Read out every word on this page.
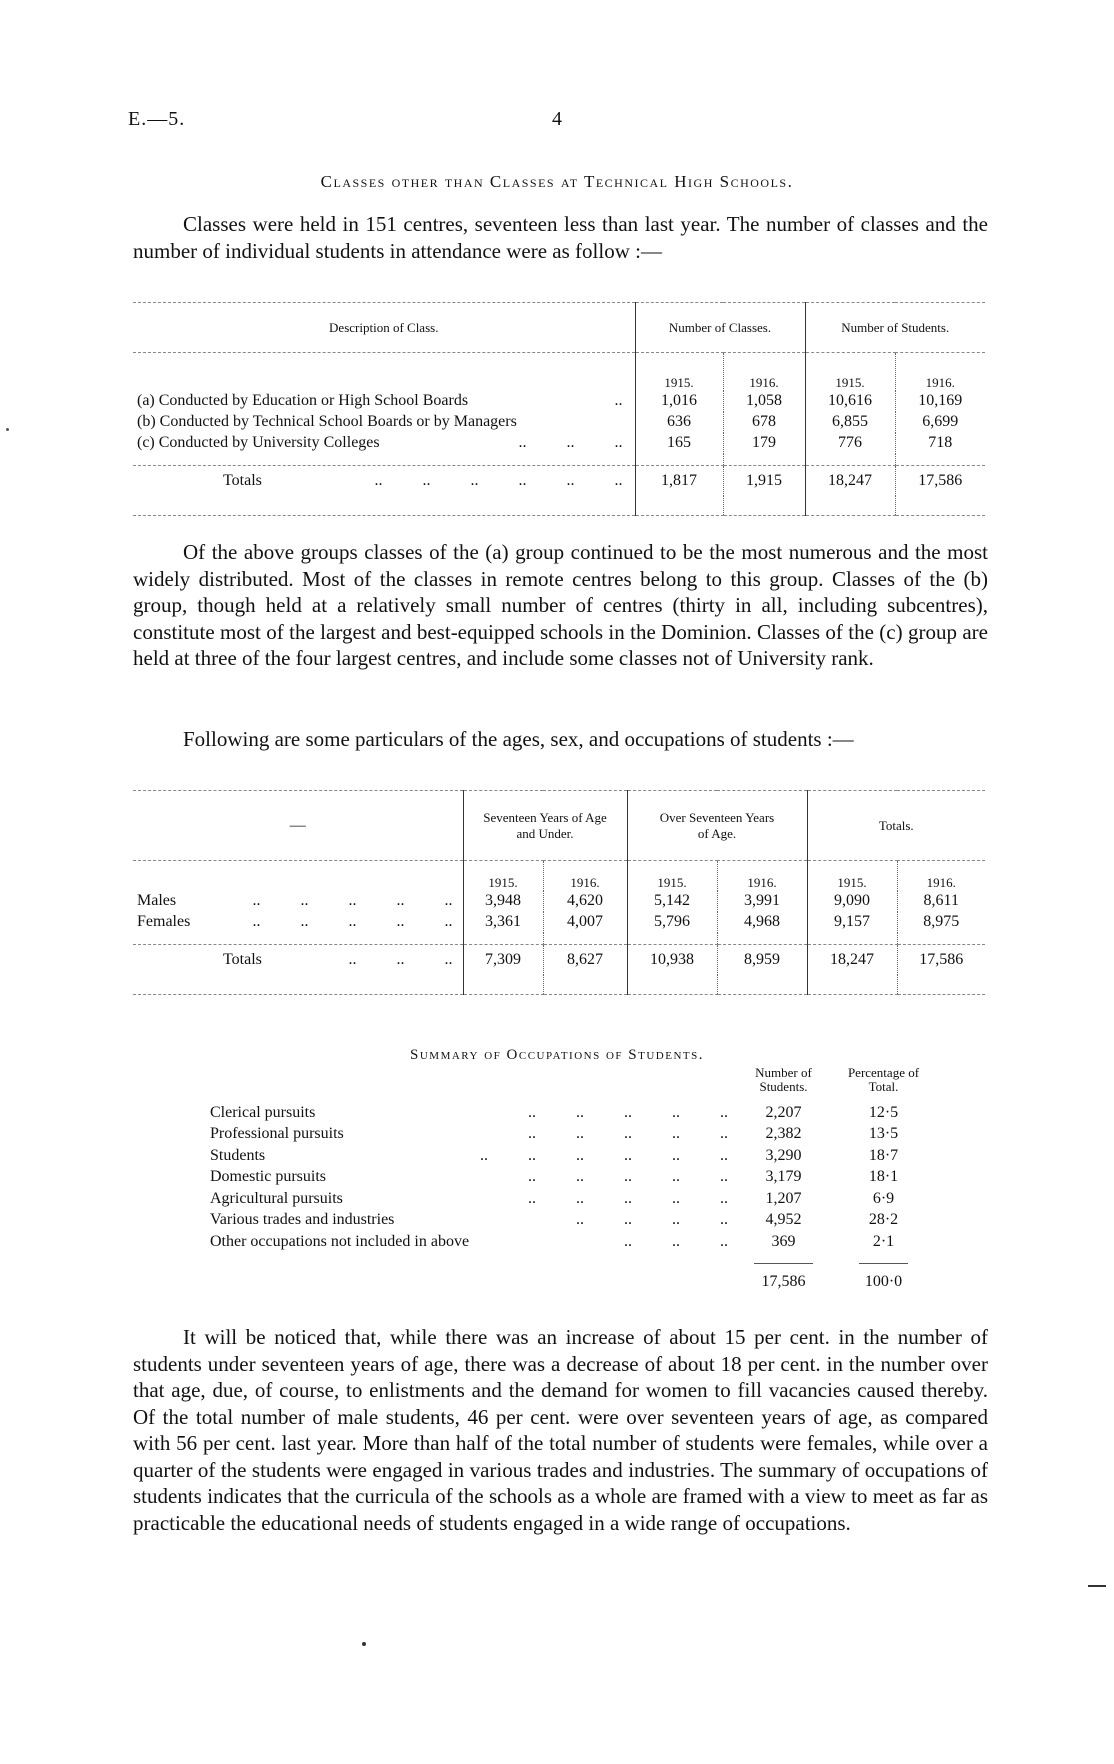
E.—5.	4
Classes other than Classes at Technical High Schools.

Classes were held in 151 centres, seventeen less than last year. The number of classes and the number of individual students in attendance were as follow :—

Description of Class.	Number of Classes.		Number of Students.	
	1915.	1916.	1915.	1916.
(a) Conducted by Education or High School Boards ..	1,016	1,058	10,616	10,169
(b) Conducted by Technical School Boards or by Managers	636	678	6,855	6,699
(c) Conducted by University Colleges ..          ..          ..	165	179	776	718

Totals ..          ..          ..          ..          ..          ..	1,817	1,915	18,247	17,586

Of the above groups classes of the (a) group continued to be the most numerous and the most widely distributed. Most of the classes in remote centres belong to this group. Classes of the (b) group, though held at a relatively small number of centres (thirty in all, including subcentres), constitute most of the largest and best-equipped schools in the Dominion. Classes of the (c) group are held at three of the four largest centres, and include some classes not of University rank.

Following are some particulars of the ages, sex, and occupations of students :—

—	Seventeen Years of Age and Under.		Over Seventeen Years of Age.		Totals.	
	1915.	1916.	1915.	1916.	1915.	1916.
Males ..          ..          ..          ..          ..	3,948	4,620	5,142	3,991	9,090	8,611
Females ..          ..          ..          ..          ..	3,361	4,007	5,796	4,968	9,157	8,975

Totals ..          ..          ..	7,309	8,627	10,938	8,959	18,247	17,586

Summary of Occupations of Students.
	Number of Students.	Percentage of Total.
Clerical pursuits ..          ..          ..          ..          ..	2,207	12·5
Professional pursuits ..          ..          ..          ..          ..	2,382	13·5
Students ..          ..          ..          ..          ..          ..	3,290	18·7
Domestic pursuits ..          ..          ..          ..          ..	3,179	18·1
Agricultural pursuits ..          ..          ..          ..          ..	1,207	6·9
Various trades and industries ..          ..          ..          ..	4,952	28·2
Other occupations not included in above ..          ..          ..	369	2·1

	17,586	100·0

It will be noticed that, while there was an increase of about 15 per cent. in the number of students under seventeen years of age, there was a decrease of about 18 per cent. in the number over that age, due, of course, to enlistments and the demand for women to fill vacancies caused thereby. Of the total number of male students, 46 per cent. were over seventeen years of age, as compared with 56 per cent. last year. More than half of the total number of students were females, while over a quarter of the students were engaged in various trades and industries. The summary of occupations of students indicates that the curricula of the schools as a whole are framed with a view to meet as far as practicable the educational needs of students engaged in a wide range of occupations.
